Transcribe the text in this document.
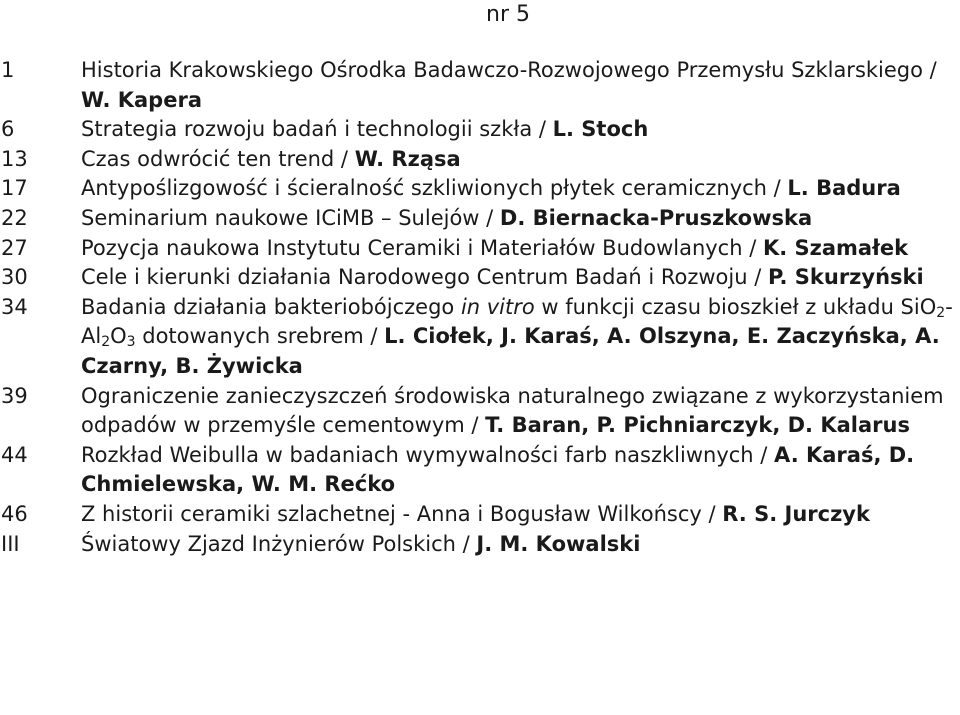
nr 5
1	Historia Krakowskiego Ośrodka Badawczo-Rozwojowego Przemysłu Szklarskiego / W. Kapera
6	Strategia rozwoju badań i technologii szkła / L. Stoch
13	Czas odwrócić ten trend / W. Rząsa
17	Antypoślizgowość i ścieralność szkliwionych płytek ceramicznych / L. Badura
22	Seminarium naukowe ICiMB – Sulejów / D. Biernacka-Pruszkowska
27	Pozycja naukowa Instytutu Ceramiki i Materiałów Budowlanych / K. Szamałek
30	Cele i kierunki działania Narodowego Centrum Badań i Rozwoju / P. Skurzyński
34	Badania działania bakteriobójczego in vitro w funkcji czasu bioszkieł z układu $SiO_2-Al_2O_3$ dotowanych srebrem / L. Ciołek, J. Karaś, A. Olszyna, E. Zaczyńska, A. Czarny, B. Żywicka
39	Ograniczenie zanieczyszczeń środowiska naturalnego związane z wykorzystaniem odpadów w przemyśle cementowym / T. Baran, P. Pichniarczyk, D. Kalarus
44	Rozkład Weibulla w badaniach wymywalności farb naszkliwnych / A. Karaś, D. Chmielewska, W. M. Rećko
46	Z historii ceramiki szlachetnej - Anna i Bogusław Wilkońscy / R. S. Jurczyk
III	Światowy Zjazd Inżynierów Polskich / J. M. Kowalski
